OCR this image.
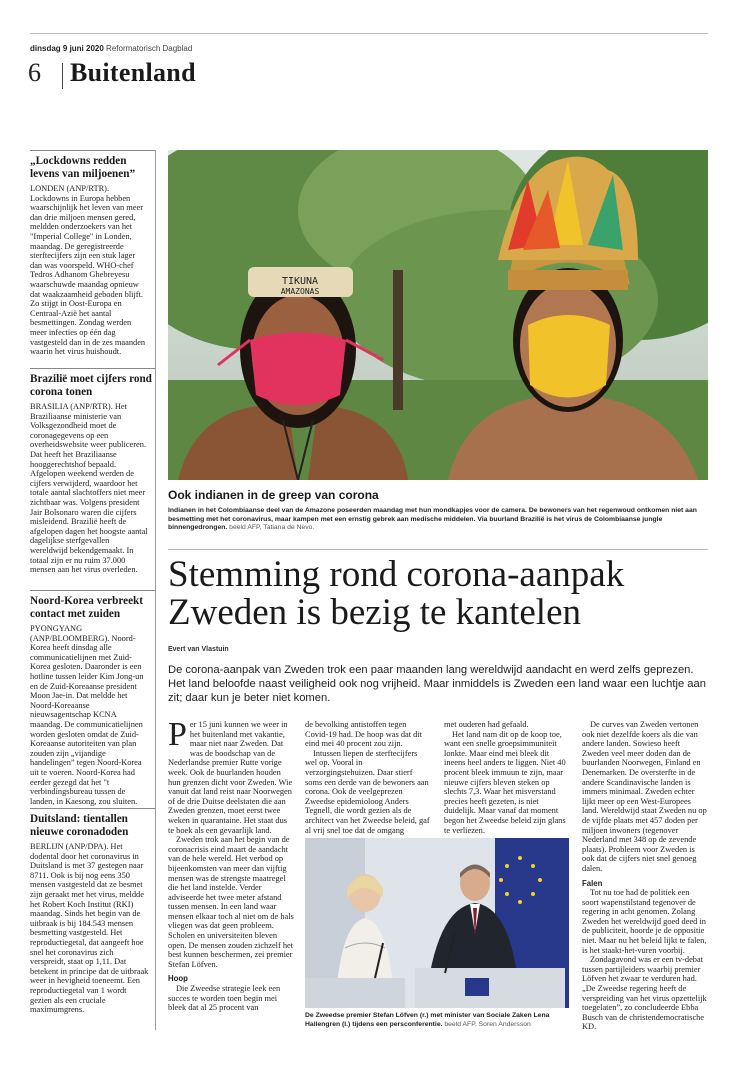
dinsdag 9 juni 2020 Reformatorisch Dagblad
6 Buitenland
„Lockdowns redden levens van miljoenen”

LONDEN (ANP/RTR). Lockdowns in Europa hebben waarschijnlijk het leven van meer dan drie miljoen mensen gered, meldden onderzoekers van het "Imperial College" in Londen, maandag. De geregistreerde sterftecijfers zijn een stuk lager dan was voorspeld. WHO-chef Tedros Adhanom Ghebreyesu waarschuwde maandag opnieuw dat waakzaamheid geboden blijft. Zo stijgt in Oost-Europa en Centraal-Azië het aantal besmettingen. Zondag werden meer infecties op één dag vastgesteld dan in de zes maanden waarin het virus huishoudt.

Brazilië moet cijfers rond corona tonen

BRASILIA (ANP/RTR). Het Braziliaanse ministerie van Volksgezondheid moet de coronagegevens op een overheidswebsite weer publiceren. Dat heeft het Braziliaanse hooggerechtshof bepaald. Afgelopen weekend werden de cijfers verwijderd, waardoor het totale aantal slachtoffers niet meer zichtbaar was. Volgens president Jair Bolsonaro waren die cijfers misleidend. Brazilië heeft de afgelopen dagen het hoogste aantal dagelijkse sterfgevallen wereldwijd bekendgemaakt. In totaal zijn er nu ruim 37.000 mensen aan het virus overleden.

Noord-Korea verbreekt contact met zuiden

PYONGYANG (ANP/BLOOMBERG). Noord-Korea heeft dinsdag alle communicatielijnen met Zuid-Korea gesloten. Daaronder is een hotline tussen leider Kim Jong-un en de Zuid-Koreaanse president Moon Jae-in. Dat meldde het Noord-Koreaanse nieuwsagentschap KCNA maandag. De communicatielijnen worden gesloten omdat de Zuid-Koreaanse autoriteiten van plan zouden zijn „vijandige handelingen” tegen Noord-Korea uit te voeren. Noord-Korea had eerder gezegd dat het "t verbindingsbureau tussen de landen, in Kaesong, zou sluiten.

Duitsland: tientallen nieuwe coronadoden

BERLIJN (ANP/DPA). Het dodental door het coronavirus in Duitsland is met 37 gestegen naar 8711. Ook is bij nog eens 350 mensen vastgesteld dat ze besmet zijn geraakt met het virus, meldde het Robert Koch Institut (RKI) maandag. Sinds het begin van de uitbraak is bij 184.543 mensen besmetting vastgesteld. Het reproductiegetal, dat aangeeft hoe snel het coronavirus zich verspreidt, staat op 1,11. Dat betekent in principe dat de uitbraak weer in hevigheid toeneemt. Een reproductiegetal van 1 wordt gezien als een cruciale maximumgrens.

TIKUNA
AMAZONAS
Ook indianen in de greep van corona
Indianen in het Colombiaanse deel van de Amazone poseerden maandag met hun mondkapjes voor de camera. De bewoners van het regenwoud ontkomen niet aan besmetting met het coronavirus, maar kampen met een ernstig gebrek aan medische middelen. Via buurland Brazilië is het virus de Colombiaanse jungle binnengedrongen. beeld AFP, Tatiana de Nevo.
Stemming rond corona-aanpak
Zweden is bezig te kantelen
Evert van Vlastuin
De corona-aanpak van Zweden trok een paar maanden lang wereldwijd aandacht en werd zelfs geprezen. Het land beloofde naast veiligheid ook nog vrijheid. Maar inmiddels is Zweden een land waar een luchtje aan zit; daar kun je beter niet komen.
P er 15 juni kunnen we weer in het buitenland met vakantie, maar niet naar Zweden. Dat was de boodschap van de Nederlandse premier Rutte vorige week. Ook de buurlanden houden hun grenzen dicht voor Zweden. Wie vanuit dat land reist naar Noorwegen of de drie Duitse deelstaten die aan Zweden grenzen, moet eerst twee weken in quarantaine. Het staat dus te boek als een gevaarlijk land.

Zweden trok aan het begin van de coronacrisis eind maart de aandacht van de hele wereld. Het verbod op bijeenkomsten van meer dan vijftig mensen was de strengste maatregel die het land instelde. Verder adviseerde het twee meter afstand tussen mensen. In een land waar mensen elkaar toch al niet om de hals vliegen was dat geen probleem. Scholen en universiteiten bleven open. De mensen zouden zichzelf het best kunnen beschermen, zei premier Stefan Löfven.

Hoop

Die Zweedse strategie leek een succes te worden toen begin mei bleek dat al 25 procent van

de bevolking antistoffen tegen Covid-19 had. De hoop was dat dit eind mei 40 procent zou zijn.

Intussen liepen de sterftecijfers wel op. Vooral in verzorgingstehuizen. Daar stierf soms een derde van de bewoners aan corona. Ook de veelgeprezen Zweedse epidemioloog Anders Tegnell, die wordt gezien als de architect van het Zweedse beleid, gaf al vrij snel toe dat de omgang

met ouderen had gefaald.

Het land nam dit op de koop toe, want een snelle groepsimmuniteit lonkte. Maar eind mei bleek dit ineens heel anders te liggen. Niet 40 procent bleek immuun te zijn, maar nieuwe cijfers bleven steken op slechts 7,3. Waar het misverstand precies heeft gezeten, is niet duidelijk. Maar vanaf dat moment begon het Zweedse beleid zijn glans te verliezen.

De curves van Zweden vertonen ook niet dezelfde koers als die van andere landen. Sowieso heeft Zweden veel meer doden dan de buurlanden Noorwegen, Finland en Denemarken. De oversterfte in de andere Scandinavische landen is immers minimaal. Zweden echter lijkt meer op een West-Europees land. Wereldwijd staat Zweden nu op de vijfde plaats met 457 doden per miljoen inwoners (tegenover Nederland met 348 op de zevende plaats). Probleem voor Zweden is ook dat de cijfers niet snel genoeg dalen.

Falen

Tot nu toe had de politiek een soort wapenstilstand tegenover de regering in acht genomen. Zolang Zweden het wereldwijd goed deed in de publiciteit, hoorde je de oppositie niet. Maar nu het beleid lijkt te falen, is het staakt-het-vuren voorbij.

Zondagavond was er een tv-debat tussen partijleiders waarbij premier Löfven het zwaar te verduren had. „De Zweedse regering heeft de verspreiding van het virus opzettelijk toegelaten”, zo concludeerde Ebba Busch van de christendemocratische KD.

De Zweedse premier Stefan Löfven (r.) met minister van Sociale Zaken Lena Hallengren (l.) tijdens een persconferentie. beeld AFP, Soren Andersson
